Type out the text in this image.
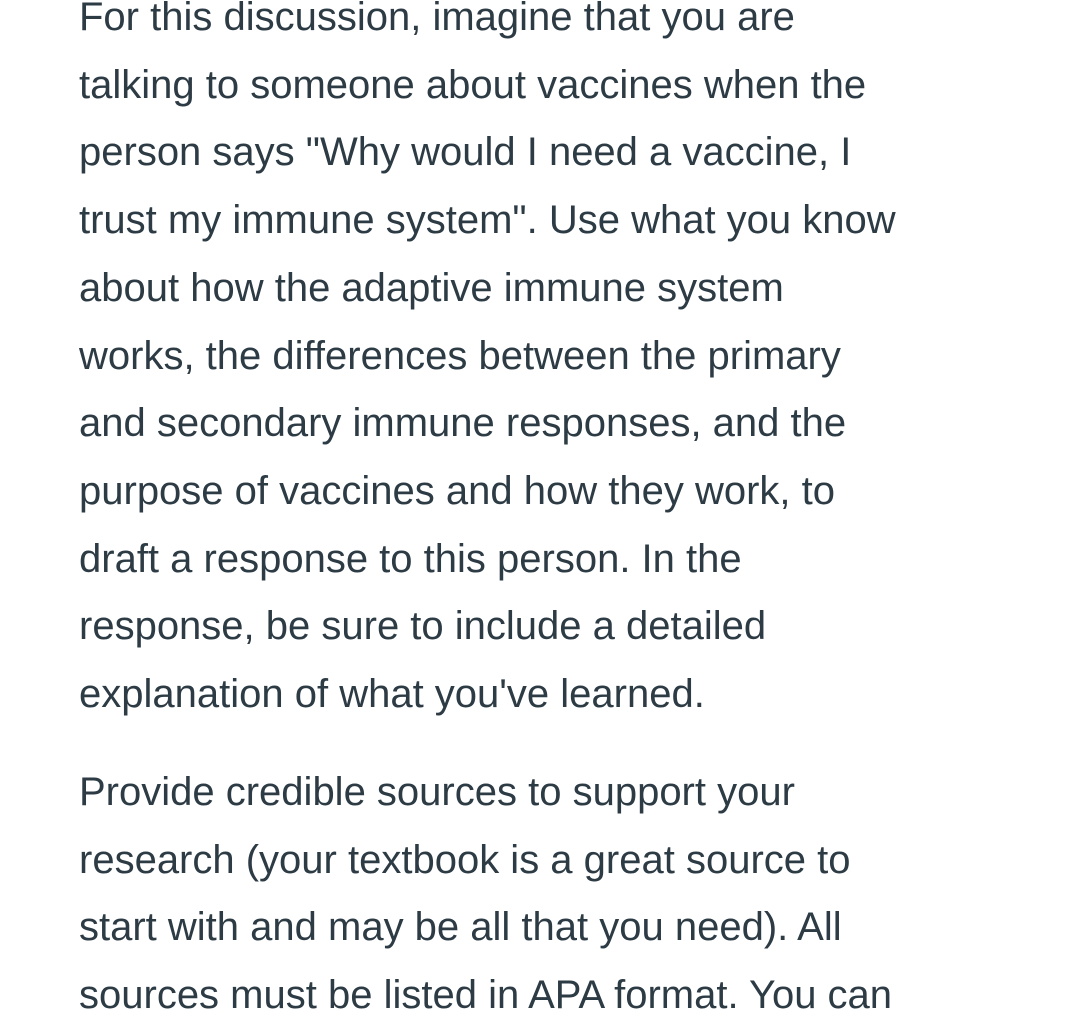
For this discussion, imagine that you are
talking to someone about vaccines when the
person says "Why would I need a vaccine, I
trust my immune system". Use what you know
about how the adaptive immune system
works, the differences between the primary
and secondary immune responses, and the
purpose of vaccines and how they work, to
draft a response to this person. In the
response, be sure to include a detailed
explanation of what you've learned.

Provide credible sources to support your
research (your textbook is a great source to
start with and may be all that you need). All
sources must be listed in APA format. You can
